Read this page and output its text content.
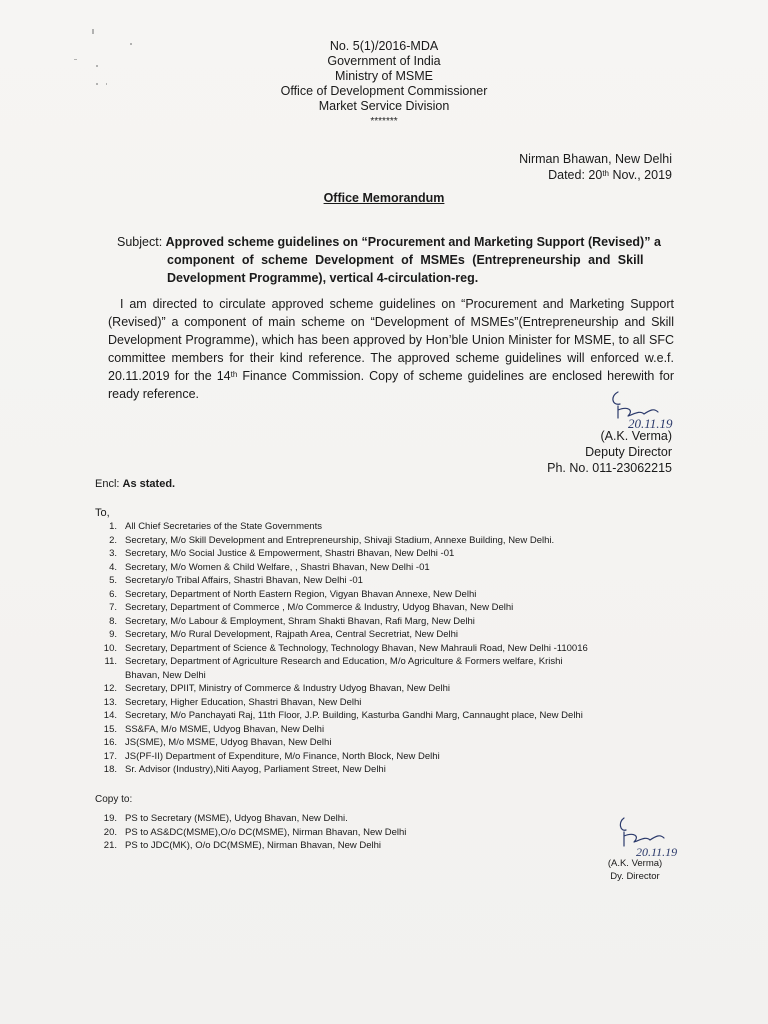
No. 5(1)/2016-MDA
Government of India
Ministry of MSME
Office of Development Commissioner
Market Service Division
*******
Nirman Bhawan, New Delhi
Dated: 20th Nov., 2019
Office Memorandum
Subject: Approved scheme guidelines on “Procurement and Marketing Support (Revised)” a
component of scheme Development of MSMEs (Entrepreneurship and Skill
Development Programme), vertical 4-circulation-reg.
I am directed to circulate approved scheme guidelines on “Procurement and Marketing Support (Revised)” a component of main scheme on “Development of MSMEs”(Entrepreneurship and Skill Development Programme), which has been approved by Hon’ble Union Minister for MSME, to all SFC committee members for their kind reference. The approved scheme guidelines will enforced w.e.f. 20.11.2019 for the 14th Finance Commission. Copy of scheme guidelines are enclosed herewith for ready reference.
20.11.19
(A.K. Verma)
Deputy Director
Ph. No. 011-23062215
Encl: As stated.
To,
1. All Chief Secretaries of the State Governments
2. Secretary, M/o Skill Development and Entrepreneurship, Shivaji Stadium, Annexe Building, New Delhi.
3. Secretary, M/o Social Justice & Empowerment, Shastri Bhavan, New Delhi -01
4. Secretary, M/o Women & Child Welfare, , Shastri Bhavan, New Delhi -01
5. Secretary/o Tribal Affairs, Shastri Bhavan, New Delhi -01
6. Secretary, Department of North Eastern Region, Vigyan Bhavan Annexe, New Delhi
7. Secretary, Department of Commerce , M/o Commerce & Industry, Udyog Bhavan, New Delhi
8. Secretary, M/o Labour & Employment, Shram Shakti Bhavan, Rafi Marg, New Delhi
9. Secretary, M/o Rural Development, Rajpath Area, Central Secretriat, New Delhi
10. Secretary, Department of Science & Technology, Technology Bhavan, New Mahrauli Road, New Delhi -110016
11. Secretary, Department of Agriculture Research and Education, M/o Agriculture & Formers welfare, Krishi
Bhavan, New Delhi
12. Secretary, DPIIT, Ministry of Commerce & Industry Udyog Bhavan, New Delhi
13. Secretary, Higher Education, Shastri Bhavan, New Delhi
14. Secretary, M/o Panchayati Raj, 11th Floor, J.P. Building, Kasturba Gandhi Marg, Cannaught place, New Delhi
15. SS&FA, M/o MSME, Udyog Bhavan, New Delhi
16. JS(SME), M/o MSME, Udyog Bhavan, New Delhi
17. JS(PF-II) Department of Expenditure, M/o Finance, North Block, New Delhi
18. Sr. Advisor (Industry),Niti Aayog, Parliament Street, New Delhi
Copy to:
19. PS to Secretary (MSME), Udyog Bhavan, New Delhi.
20. PS to AS&DC(MSME),O/o DC(MSME), Nirman Bhavan, New Delhi
21. PS to JDC(MK), O/o DC(MSME), Nirman Bhavan, New Delhi	20.11.19
(A.K. Verma)
Dy. Director
